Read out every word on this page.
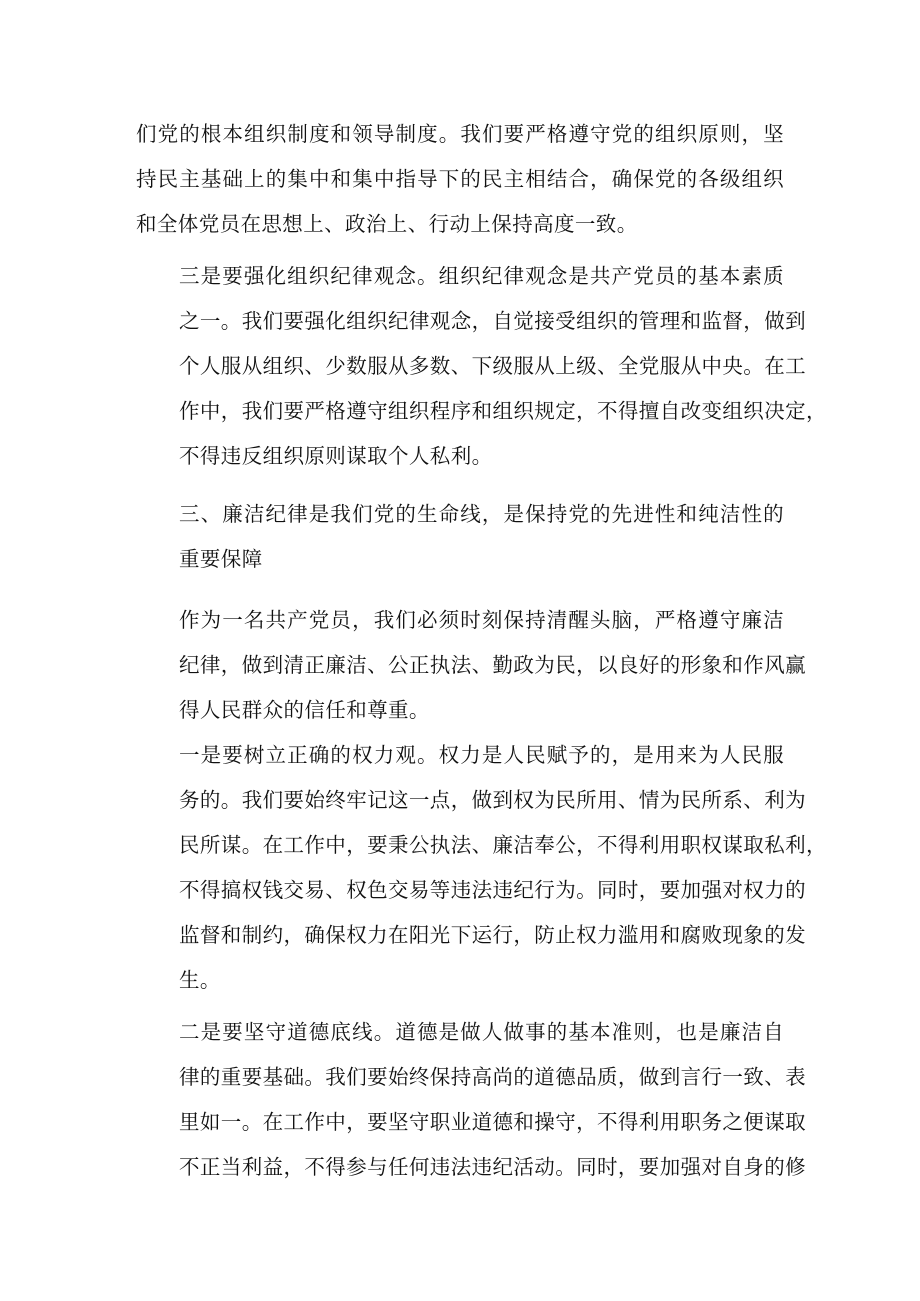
们党的根本组织制度和领导制度。我们要严格遵守党的组织原则，坚
持民主基础上的集中和集中指导下的民主相结合，确保党的各级组织
和全体党员在思想上、政治上、行动上保持高度一致。

三是要强化组织纪律观念。组织纪律观念是共产党员的基本素质
之一。我们要强化组织纪律观念，自觉接受组织的管理和监督，做到
个人服从组织、少数服从多数、下级服从上级、全党服从中央。在工
作中，我们要严格遵守组织程序和组织规定，不得擅自改变组织决定，
不得违反组织原则谋取个人私利。

三、廉洁纪律是我们党的生命线，是保持党的先进性和纯洁性的
重要保障

作为一名共产党员，我们必须时刻保持清醒头脑，严格遵守廉洁
纪律，做到清正廉洁、公正执法、勤政为民，以良好的形象和作风赢
得人民群众的信任和尊重。

一是要树立正确的权力观。权力是人民赋予的，是用来为人民服
务的。我们要始终牢记这一点，做到权为民所用、情为民所系、利为
民所谋。在工作中，要秉公执法、廉洁奉公，不得利用职权谋取私利，
不得搞权钱交易、权色交易等违法违纪行为。同时，要加强对权力的
监督和制约，确保权力在阳光下运行，防止权力滥用和腐败现象的发
生。

二是要坚守道德底线。道德是做人做事的基本准则，也是廉洁自
律的重要基础。我们要始终保持高尚的道德品质，做到言行一致、表
里如一。在工作中，要坚守职业道德和操守，不得利用职务之便谋取
不正当利益，不得参与任何违法违纪活动。同时，要加强对自身的修
